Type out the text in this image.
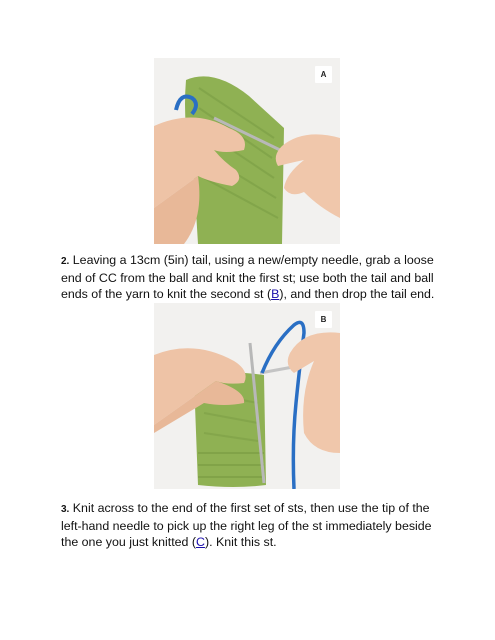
A

2. Leaving a 13cm (5in) tail, using a new/empty needle, grab a loose end of CC from the ball and knit the first st; use both the tail and ball ends of the yarn to knit the second st (B), and then drop the tail end.

B

3. Knit across to the end of the first set of sts, then use the tip of the left-hand needle to pick up the right leg of the st immediately beside the one you just knitted (C). Knit this st.
